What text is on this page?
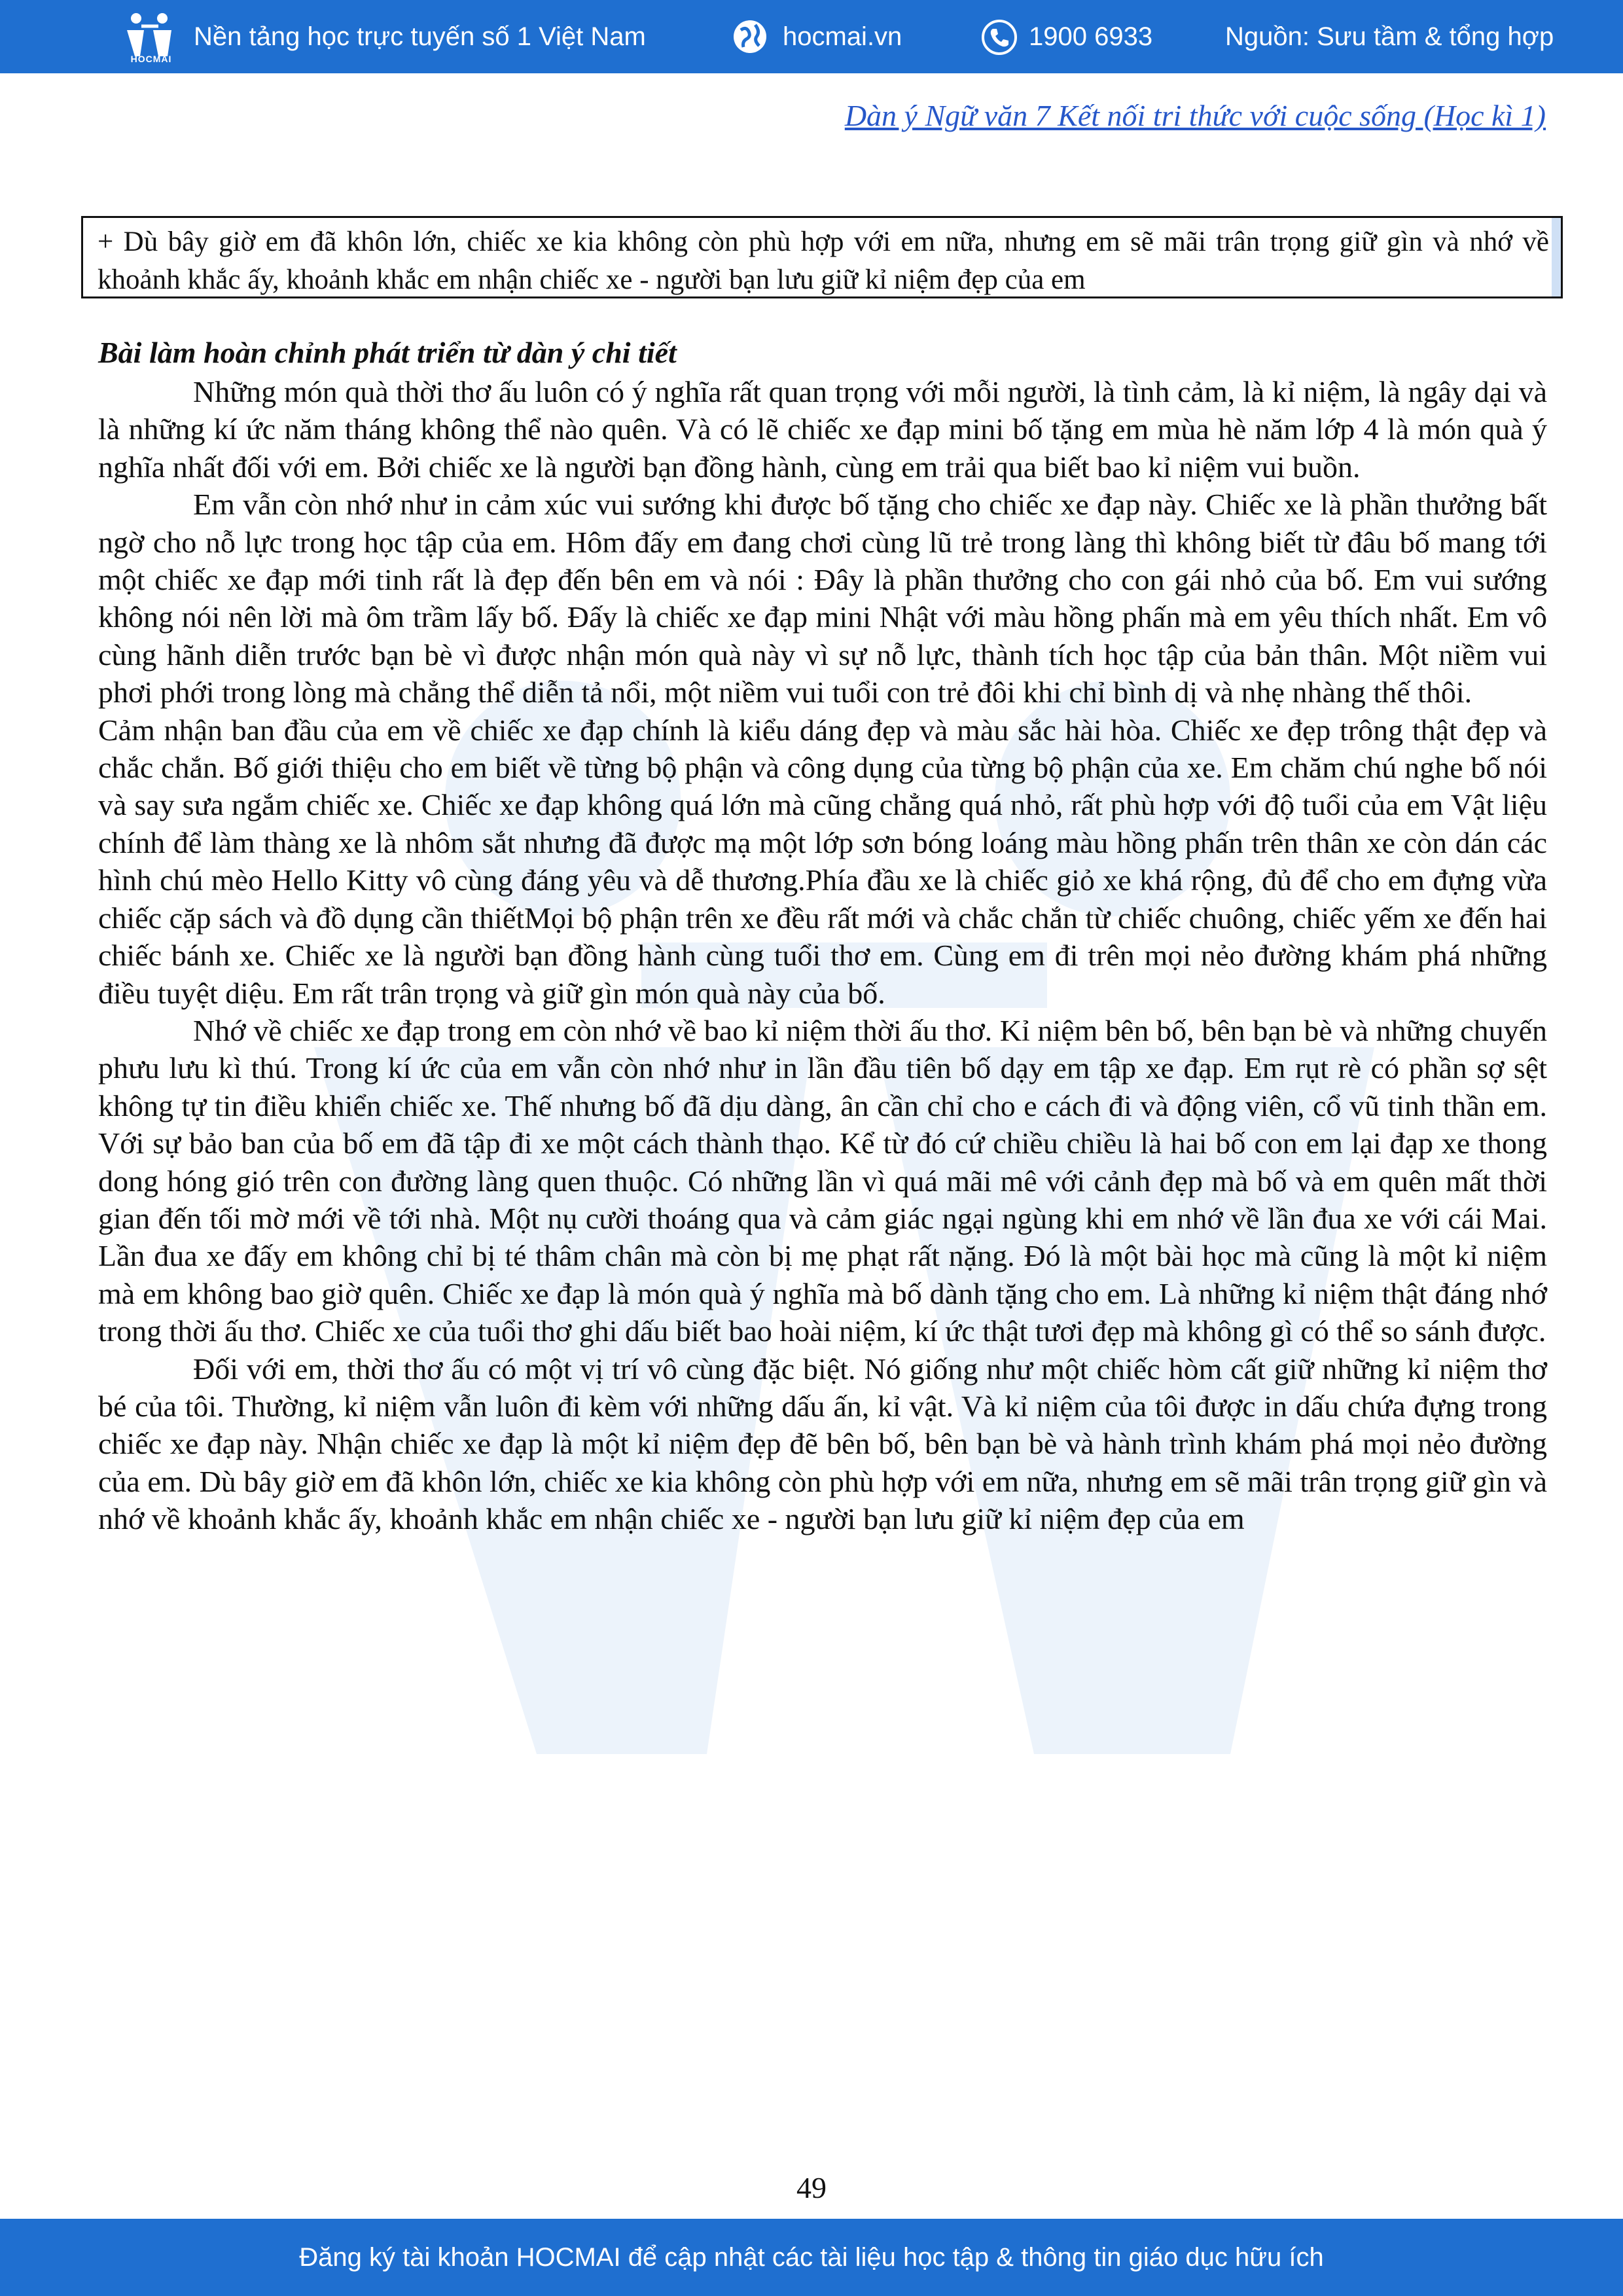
HOCMAI
Nền tảng học trực tuyến số 1 Việt Nam	hocmai.vn	1900 6933	Nguồn: Sưu tầm & tổng hợp
Dàn ý Ngữ văn 7 Kết nối tri thức với cuộc sống (Học kì 1)
+ Dù bây giờ em đã khôn lớn, chiếc xe kia không còn phù hợp với em nữa, nhưng em sẽ mãi trân trọng giữ gìn và nhớ về khoảnh khắc ấy, khoảnh khắc em nhận chiếc xe - người bạn lưu giữ kỉ niệm đẹp của em
Bài làm hoàn chỉnh phát triển từ dàn ý chi tiết

Những món quà thời thơ ấu luôn có ý nghĩa rất quan trọng với mỗi người, là tình cảm, là kỉ niệm, là ngây dại và là những kí ức năm tháng không thể nào quên. Và có lẽ chiếc xe đạp mini bố tặng em mùa hè năm lớp 4 là món quà ý nghĩa nhất đối với em. Bởi chiếc xe là người bạn đồng hành, cùng em trải qua biết bao kỉ niệm vui buồn.

Em vẫn còn nhớ như in cảm xúc vui sướng khi được bố tặng cho chiếc xe đạp này. Chiếc xe là phần thưởng bất ngờ cho nỗ lực trong học tập của em. Hôm đấy em đang chơi cùng lũ trẻ trong làng thì không biết từ đâu bố mang tới một chiếc xe đạp mới tinh rất là đẹp đến bên em và nói : Đây là phần thưởng cho con gái nhỏ của bố. Em vui sướng không nói nên lời mà ôm trầm lấy bố. Đấy là chiếc xe đạp mini Nhật với màu hồng phấn mà em yêu thích nhất. Em vô cùng hãnh diễn trước bạn bè vì được nhận món quà này vì sự nỗ lực, thành tích học tập của bản thân. Một niềm vui phơi phới trong lòng mà chẳng thể diễn tả nổi, một niềm vui tuổi con trẻ đôi khi chỉ bình dị và nhẹ nhàng thế thôi.

Cảm nhận ban đầu của em về chiếc xe đạp chính là kiểu dáng đẹp và màu sắc hài hòa. Chiếc xe đẹp trông thật đẹp và chắc chắn. Bố giới thiệu cho em biết về từng bộ phận và công dụng của từng bộ phận của xe. Em chăm chú nghe bố nói và say sưa ngắm chiếc xe. Chiếc xe đạp không quá lớn mà cũng chẳng quá nhỏ, rất phù hợp với độ tuổi của em Vật liệu chính để làm thàng xe là nhôm sắt nhưng đã được mạ một lớp sơn bóng loáng màu hồng phấn trên thân xe còn dán các hình chú mèo Hello Kitty vô cùng đáng yêu và dễ thương.Phía đầu xe là chiếc giỏ xe khá rộng, đủ để cho em đựng vừa chiếc cặp sách và đồ dụng cần thiếtMọi bộ phận trên xe đều rất mới và chắc chắn từ chiếc chuông, chiếc yếm xe đến hai chiếc bánh xe. Chiếc xe là người bạn đồng hành cùng tuổi thơ em. Cùng em đi trên mọi nẻo đường khám phá những điều tuyệt diệu. Em rất trân trọng và giữ gìn món quà này của bố.

Nhớ về chiếc xe đạp trong em còn nhớ về bao kỉ niệm thời ấu thơ. Kỉ niệm bên bố, bên bạn bè và những chuyến phưu lưu kì thú. Trong kí ức của em vẫn còn nhớ như in lần đầu tiên bố dạy em tập xe đạp. Em rụt rè có phần sợ sệt không tự tin điều khiển chiếc xe. Thế nhưng bố đã dịu dàng, ân cần chỉ cho e cách đi và động viên, cổ vũ tinh thần em. Với sự bảo ban của bố em đã tập đi xe một cách thành thạo. Kể từ đó cứ chiều chiều là hai bố con em lại đạp xe thong dong hóng gió trên con đường làng quen thuộc. Có những lần vì quá mãi mê với cảnh đẹp mà bố và em quên mất thời gian đến tối mờ mới về tới nhà. Một nụ cười thoáng qua và cảm giác ngại ngùng khi em nhớ về lần đua xe với cái Mai. Lần đua xe đấy em không chỉ bị té thâm chân mà còn bị mẹ phạt rất nặng. Đó là một bài học mà cũng là một kỉ niệm mà em không bao giờ quên. Chiếc xe đạp là món quà ý nghĩa mà bố dành tặng cho em. Là những kỉ niệm thật đáng nhớ trong thời ấu thơ. Chiếc xe của tuổi thơ ghi dấu biết bao hoài niệm, kí ức thật tươi đẹp mà không gì có thể so sánh được.

Đối với em, thời thơ ấu có một vị trí vô cùng đặc biệt. Nó giống như một chiếc hòm cất giữ những kỉ niệm thơ bé của tôi. Thường, kỉ niệm vẫn luôn đi kèm với những dấu ấn, kỉ vật. Và kỉ niệm của tôi được in dấu chứa đựng trong chiếc xe đạp này. Nhận chiếc xe đạp là một kỉ niệm đẹp đẽ bên bố, bên bạn bè và hành trình khám phá mọi nẻo đường của em. Dù bây giờ em đã khôn lớn, chiếc xe kia không còn phù hợp với em nữa, nhưng em sẽ mãi trân trọng giữ gìn và nhớ về khoảnh khắc ấy, khoảnh khắc em nhận chiếc xe - người bạn lưu giữ kỉ niệm đẹp của em

49
Đăng ký tài khoản HOCMAI để cập nhật các tài liệu học tập & thông tin giáo dục hữu ích
